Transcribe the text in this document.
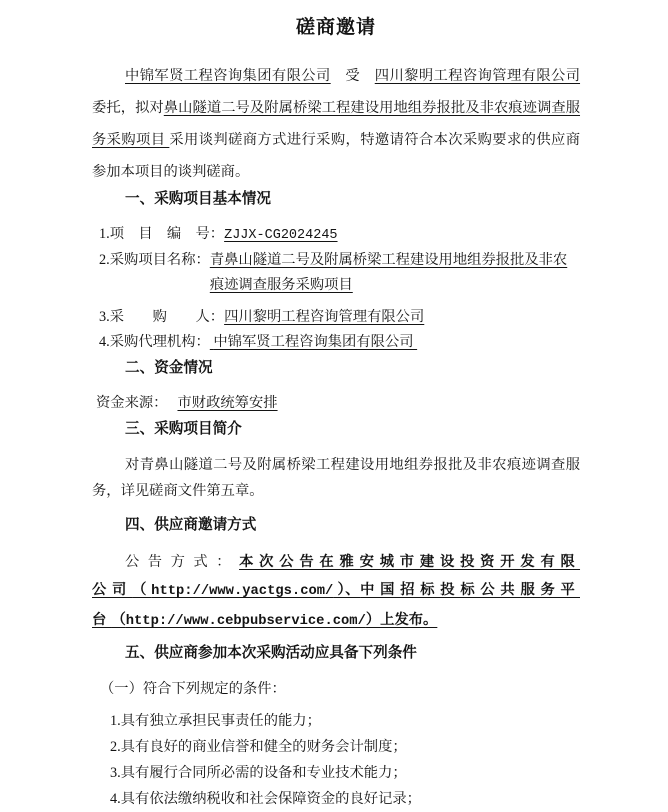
磋商邀请

中锦军贤工程咨询集团有限公司　受　四川黎明工程咨询管理有限公司委托，拟对鼻山隧道二号及附属桥梁工程建设用地组券报批及非农痕迹调查服务采购项目 采用谈判磋商方式进行采购，特邀请符合本次采购要求的供应商参加本项目的谈判磋商。

一、采购项目基本情况
1.项　目　编　号： ZJJX-CG2024245
2.采购项目名称： 青鼻山隧道二号及附属桥梁工程建设用地组券报批及非农痕迹调查服务采购项目
3.采　　购　　人： 四川黎明工程咨询管理有限公司
4.采购代理机构： 中锦军贤工程咨询集团有限公司
二、资金情况

资金来源： 市财政统筹安排

三、采购项目简介

对青鼻山隧道二号及附属桥梁工程建设用地组券报批及非农痕迹调查服务，详见磋商文件第五章。

四、供应商邀请方式

公告方式：本次公告在雅安城市建设投资开发有限公司（ http://www.yactgs.com/ ）、中国招标投标公共服务平台（http://www.cebpubservice.com/）上发布。

五、供应商参加本次采购活动应具备下列条件

（一）符合下列规定的条件：

1.具有独立承担民事责任的能力；

2.具有良好的商业信誉和健全的财务会计制度；

3.具有履行合同所必需的设备和专业技术能力；

4.具有依法缴纳税收和社会保障资金的良好记录；
